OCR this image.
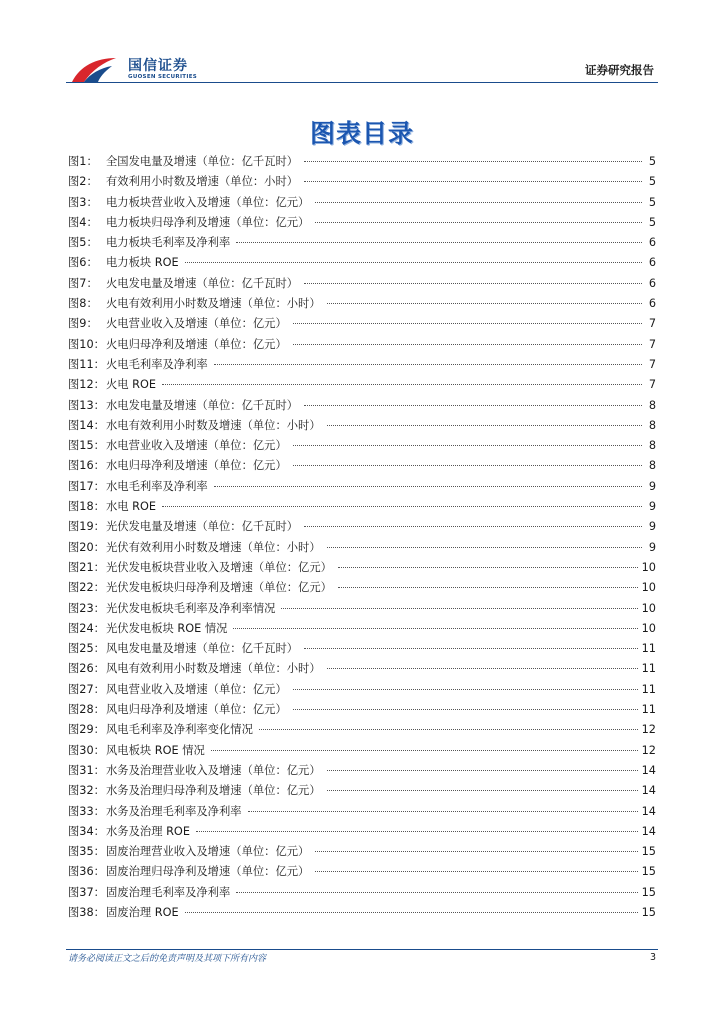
国信证券
GUOSEN SECURITIES	证券研究报告
图表目录
图1： 全国发电量及增速（单位：亿千瓦时）	5
图2： 有效利用小时数及增速（单位：小时）	5
图3： 电力板块营业收入及增速（单位：亿元）	5
图4： 电力板块归母净利及增速（单位：亿元）	5
图5： 电力板块毛利率及净利率	6
图6： 电力板块 ROE	6
图7： 火电发电量及增速（单位：亿千瓦时）	6
图8： 火电有效利用小时数及增速（单位：小时）	6
图9： 火电营业收入及增速（单位：亿元）	7
图10： 火电归母净利及增速（单位：亿元）	7
图11： 火电毛利率及净利率	7
图12： 火电 ROE	7
图13： 水电发电量及增速（单位：亿千瓦时）	8
图14： 水电有效利用小时数及增速（单位：小时）	8
图15： 水电营业收入及增速（单位：亿元）	8
图16： 水电归母净利及增速（单位：亿元）	8
图17： 水电毛利率及净利率	9
图18： 水电 ROE	9
图19： 光伏发电量及增速（单位：亿千瓦时）	9
图20： 光伏有效利用小时数及增速（单位：小时）	9
图21： 光伏发电板块营业收入及增速（单位：亿元）	10
图22： 光伏发电板块归母净利及增速（单位：亿元）	10
图23： 光伏发电板块毛利率及净利率情况	10
图24： 光伏发电板块 ROE 情况	10
图25： 风电发电量及增速（单位：亿千瓦时）	11
图26： 风电有效利用小时数及增速（单位：小时）	11
图27： 风电营业收入及增速（单位：亿元）	11
图28： 风电归母净利及增速（单位：亿元）	11
图29： 风电毛利率及净利率变化情况	12
图30： 风电板块 ROE 情况	12
图31： 水务及治理营业收入及增速（单位：亿元）	14
图32： 水务及治理归母净利及增速（单位：亿元）	14
图33： 水务及治理毛利率及净利率	14
图34： 水务及治理 ROE	14
图35： 固废治理营业收入及增速（单位：亿元）	15
图36： 固废治理归母净利及增速（单位：亿元）	15
图37： 固废治理毛利率及净利率	15
图38： 固废治理 ROE	15
请务必阅读正文之后的免责声明及其项下所有内容	3
